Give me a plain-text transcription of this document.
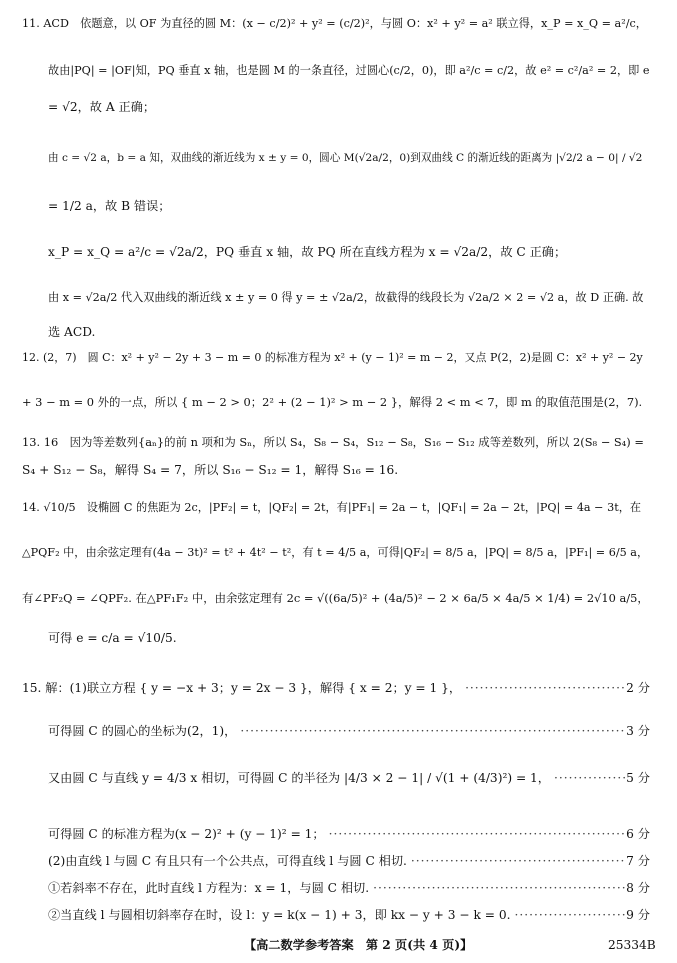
11. ACD　依题意，以 OF 为直径的圆 M：(x − c/2)² + y² = (c/2)²，与圆 O：x² + y² = a² 联立得，x_P = x_Q = a²/c，
故由|PQ| = |OF|知，PQ 垂直 x 轴，也是圆 M 的一条直径，过圆心(c/2，0)，即 a²/c = c/2，故 e² = c²/a² = 2，即 e
= √2，故 A 正确；
由 c = √2 a，b = a 知，双曲线的渐近线为 x ± y = 0，圆心 M(√2a/2，0)到双曲线 C 的渐近线的距离为 |√2/2 a − 0| / √2
= 1/2 a，故 B 错误；
x_P = x_Q = a²/c = √2a/2，PQ 垂直 x 轴，故 PQ 所在直线方程为 x = √2a/2，故 C 正确；
由 x = √2a/2 代入双曲线的渐近线 x ± y = 0 得 y = ± √2a/2，故截得的线段长为 √2a/2 × 2 = √2 a，故 D 正确. 故
选 ACD.
12. (2，7)　圆 C：x² + y² − 2y + 3 − m = 0 的标准方程为 x² + (y − 1)² = m − 2，又点 P(2，2)是圆 C：x² + y² − 2y
+ 3 − m = 0 外的一点，所以 { m − 2 > 0；2² + (2 − 1)² > m − 2 }，解得 2 < m < 7，即 m 的取值范围是(2，7).
13. 16　因为等差数列{aₙ}的前 n 项和为 Sₙ，所以 S₄，S₈ − S₄，S₁₂ − S₈，S₁₆ − S₁₂ 成等差数列，所以 2(S₈ − S₄) =
S₄ + S₁₂ − S₈，解得 S₄ = 7，所以 S₁₆ − S₁₂ = 1，解得 S₁₆ = 16.
14. √10/5　设椭圆 C 的焦距为 2c，|PF₂| = t，|QF₂| = 2t，有|PF₁| = 2a − t，|QF₁| = 2a − 2t，|PQ| = 4a − 3t，在
△PQF₂ 中，由余弦定理有(4a − 3t)² = t² + 4t² − t²，有 t = 4/5 a，可得|QF₂| = 8/5 a，|PQ| = 8/5 a，|PF₁| = 6/5 a，
有∠PF₂Q = ∠QPF₂. 在△PF₁F₂ 中，由余弦定理有 2c = √((6a/5)² + (4a/5)² − 2 × 6a/5 × 4a/5 × 1/4) = 2√10 a/5，
可得 e = c/a = √10/5.
15. 解：(1)联立方程 { y = −x + 3；y = 2x − 3 }，解得 { x = 2；y = 1 }， ·····	2 分
可得圆 C 的圆心的坐标为(2，1)， ·····	3 分
又由圆 C 与直线 y = 4/3 x 相切，可得圆 C 的半径为 |4/3 × 2 − 1| / √(1 + (4/3)²) = 1， ·····	5 分
可得圆 C 的标准方程为(x − 2)² + (y − 1)² = 1； ·····	6 分
(2)由直线 l 与圆 C 有且只有一个公共点，可得直线 l 与圆 C 相切. ·····	7 分
①若斜率不存在，此时直线 l 方程为：x = 1，与圆 C 相切. ·····	8 分
②当直线 l 与圆相切斜率存在时，设 l：y = k(x − 1) + 3，即 kx − y + 3 − k = 0. ·····	9 分
【高二数学参考答案　第 2 页(共 4 页)】	25334B
